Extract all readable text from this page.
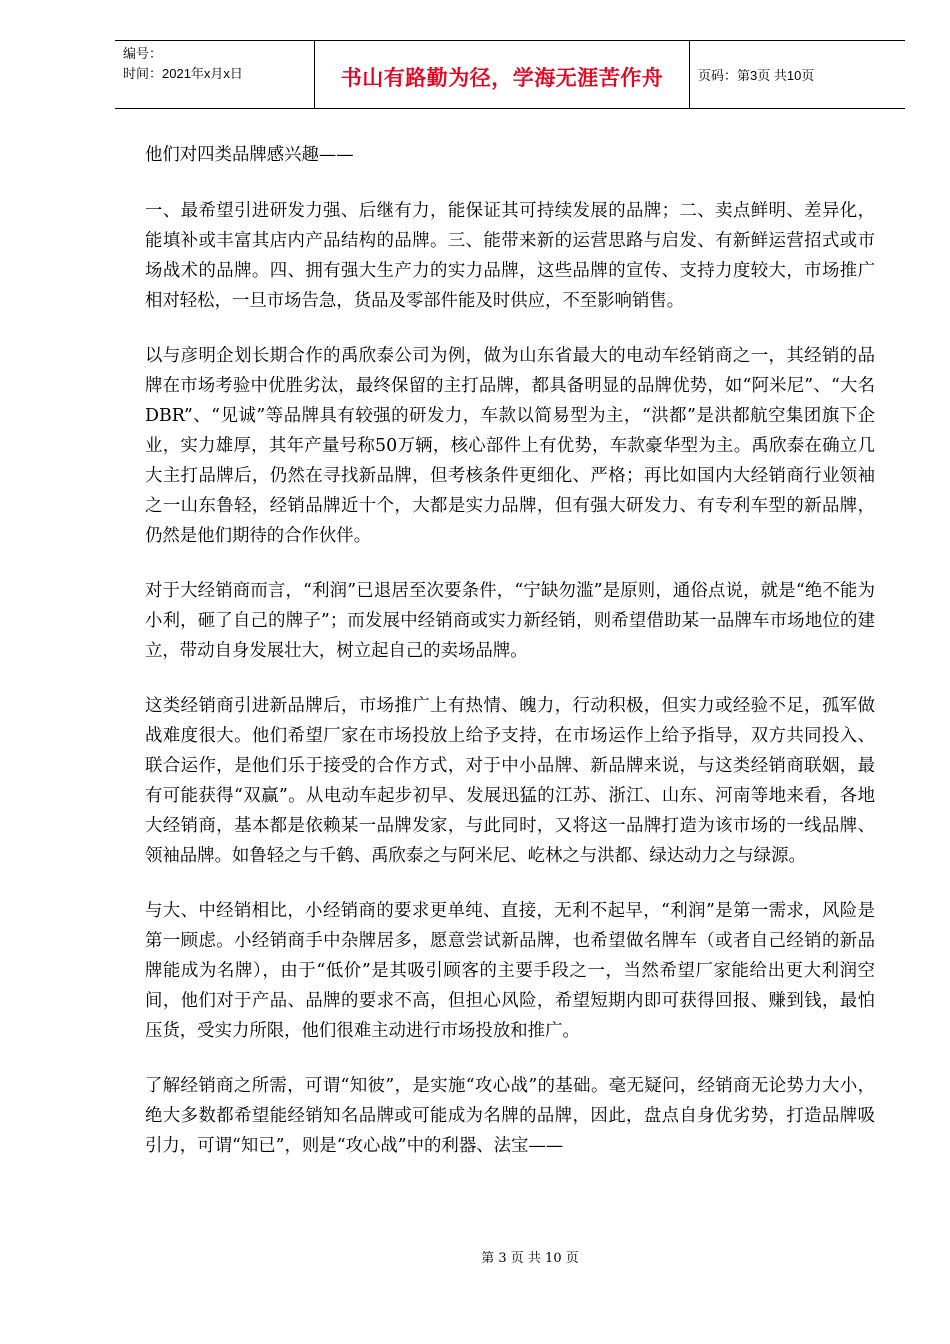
编号：
时间：2021年x月x日	书山有路勤为径，学海无涯苦作舟	页码：第3页 共10页

他们对四类品牌感兴趣——

一、最希望引进研发力强、后继有力，能保证其可持续发展的品牌；二、卖点鲜明、差异化，能填补或丰富其店内产品结构的品牌。三、能带来新的运营思路与启发、有新鲜运营招式或市场战术的品牌。四、拥有强大生产力的实力品牌，这些品牌的宣传、支持力度较大，市场推广相对轻松，一旦市场告急，货品及零部件能及时供应，不至影响销售。

以与彦明企划长期合作的禹欣泰公司为例，做为山东省最大的电动车经销商之一，其经销的品牌在市场考验中优胜劣汰，最终保留的主打品牌，都具备明显的品牌优势，如“阿米尼”、“大名DBR”、“见诚”等品牌具有较强的研发力，车款以简易型为主，“洪都”是洪都航空集团旗下企业，实力雄厚，其年产量号称50万辆，核心部件上有优势，车款豪华型为主。禹欣泰在确立几大主打品牌后，仍然在寻找新品牌，但考核条件更细化、严格；再比如国内大经销商行业领袖之一山东鲁轻，经销品牌近十个，大都是实力品牌，但有强大研发力、有专利车型的新品牌，仍然是他们期待的合作伙伴。

对于大经销商而言，“利润”已退居至次要条件，“宁缺勿滥”是原则，通俗点说，就是“绝不能为小利，砸了自己的牌子”；而发展中经销商或实力新经销，则希望借助某一品牌车市场地位的建立，带动自身发展壮大，树立起自己的卖场品牌。

这类经销商引进新品牌后，市场推广上有热情、魄力，行动积极，但实力或经验不足，孤军做战难度很大。他们希望厂家在市场投放上给予支持，在市场运作上给予指导，双方共同投入、联合运作，是他们乐于接受的合作方式，对于中小品牌、新品牌来说，与这类经销商联姻，最有可能获得“双赢”。从电动车起步初早、发展迅猛的江苏、浙江、山东、河南等地来看，各地大经销商，基本都是依赖某一品牌发家，与此同时，又将这一品牌打造为该市场的一线品牌、领袖品牌。如鲁轻之与千鹤、禹欣泰之与阿米尼、屹林之与洪都、绿达动力之与绿源。

与大、中经销相比，小经销商的要求更单纯、直接，无利不起早，“利润”是第一需求，风险是第一顾虑。小经销商手中杂牌居多，愿意尝试新品牌，也希望做名牌车（或者自己经销的新品牌能成为名牌），由于“低价”是其吸引顾客的主要手段之一，当然希望厂家能给出更大利润空间，他们对于产品、品牌的要求不高，但担心风险，希望短期内即可获得回报、赚到钱，最怕压货，受实力所限，他们很难主动进行市场投放和推广。

了解经销商之所需，可谓“知彼”，是实施“攻心战”的基础。毫无疑问，经销商无论势力大小，绝大多数都希望能经销知名品牌或可能成为名牌的品牌，因此，盘点自身优劣势，打造品牌吸引力，可谓“知已”，则是“攻心战”中的利器、法宝——

第 3 页 共 10 页
